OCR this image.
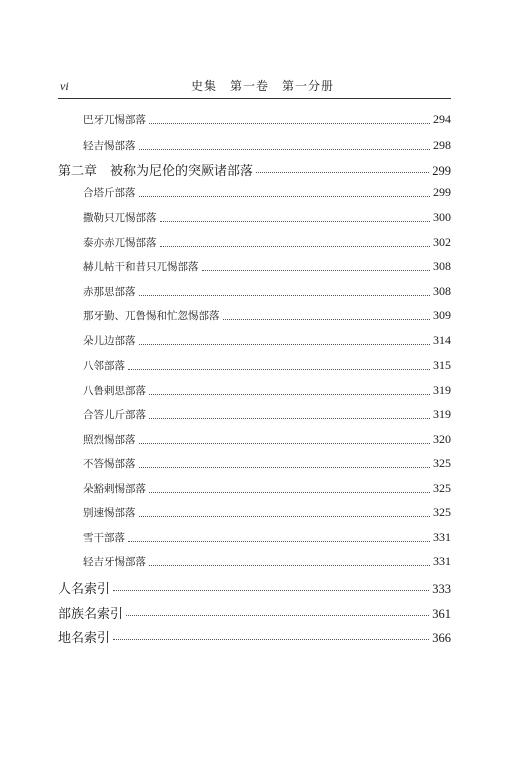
vi	史集　第一卷　第一分册
巴牙兀惕部落	294
轻吉惕部落	298
第二章　被称为尼伦的突厥诸部落	299
合塔斤部落	299
撒勒只兀惕部落	300
泰亦赤兀惕部落	302
赫儿帖干和昔只兀惕部落	308
赤那思部落	308
那牙勤、兀鲁惕和忙忽惕部落	309
朵儿边部落	314
八邻部落	315
八鲁剌思部落	319
合答儿斤部落	319
照烈惕部落	320
不答惕部落	325
朵豁剌惕部落	325
别速惕部落	325
雪干部落	331
轻吉牙惕部落	331
人名索引	333
部族名索引	361
地名索引	366
